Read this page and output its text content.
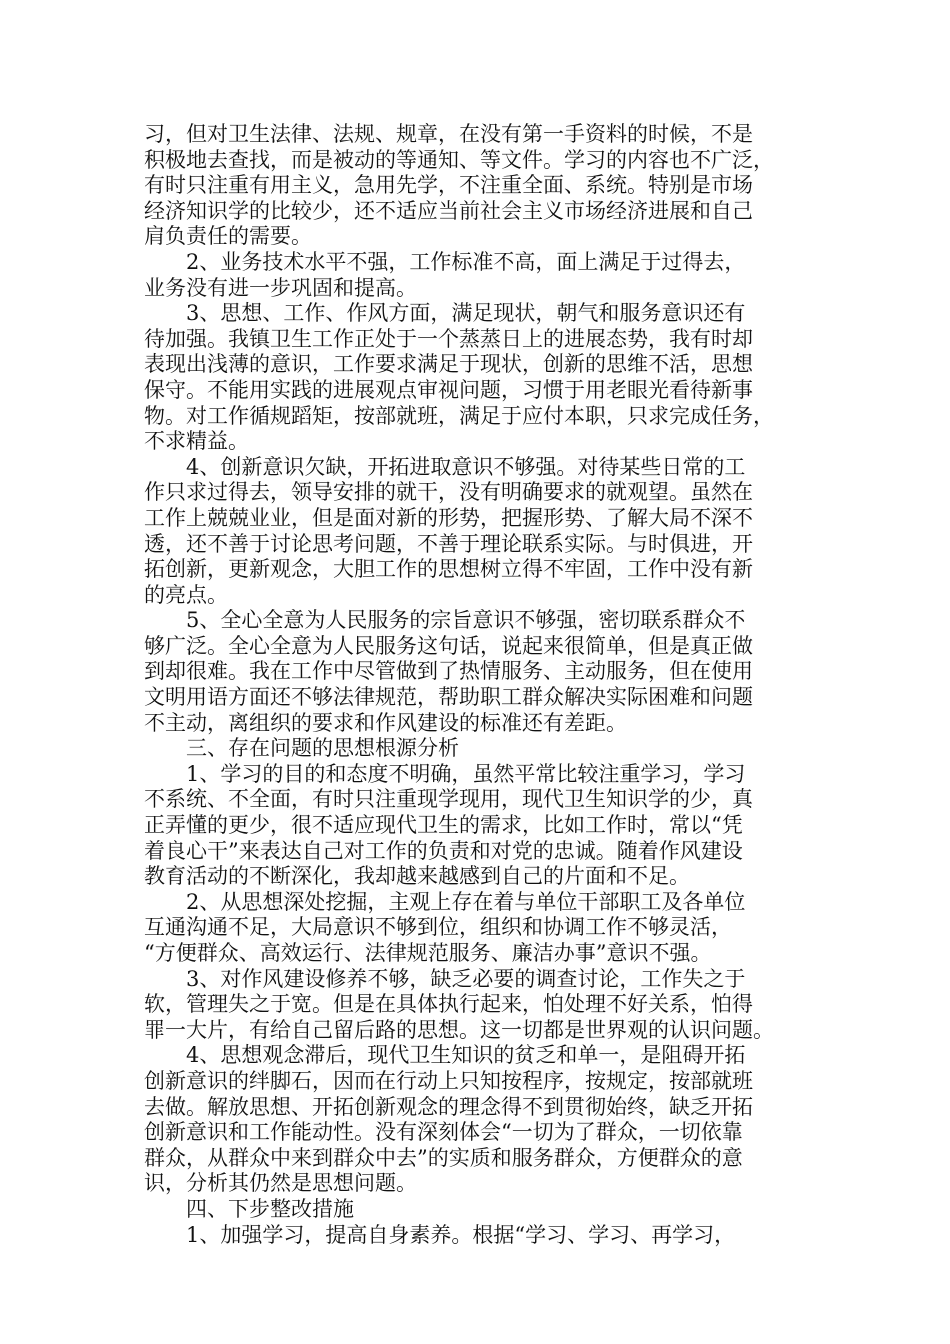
习，但对卫生法律、法规、规章，在没有第一手资料的时候，不是
积极地去查找，而是被动的等通知、等文件。学习的内容也不广泛，
有时只注重有用主义，急用先学，不注重全面、系统。特别是市场
经济知识学的比较少，还不适应当前社会主义市场经济进展和自己
肩负责任的需要。
2、业务技术水平不强，工作标准不高，面上满足于过得去，
业务没有进一步巩固和提高。
3、思想、工作、作风方面，满足现状，朝气和服务意识还有
待加强。我镇卫生工作正处于一个蒸蒸日上的进展态势，我有时却
表现出浅薄的意识，工作要求满足于现状，创新的思维不活，思想
保守。不能用实践的进展观点审视问题，习惯于用老眼光看待新事
物。对工作循规蹈矩，按部就班，满足于应付本职，只求完成任务，
不求精益。
4、创新意识欠缺，开拓进取意识不够强。对待某些日常的工
作只求过得去，领导安排的就干，没有明确要求的就观望。虽然在
工作上兢兢业业，但是面对新的形势，把握形势、了解大局不深不
透，还不善于讨论思考问题，不善于理论联系实际。与时俱进，开
拓创新，更新观念，大胆工作的思想树立得不牢固，工作中没有新
的亮点。
5、全心全意为人民服务的宗旨意识不够强，密切联系群众不
够广泛。全心全意为人民服务这句话，说起来很简单，但是真正做
到却很难。我在工作中尽管做到了热情服务、主动服务，但在使用
文明用语方面还不够法律规范，帮助职工群众解决实际困难和问题
不主动，离组织的要求和作风建设的标准还有差距。
三、存在问题的思想根源分析
1、学习的目的和态度不明确，虽然平常比较注重学习，学习
不系统、不全面，有时只注重现学现用，现代卫生知识学的少，真
正弄懂的更少，很不适应现代卫生的需求，比如工作时，常以“凭
着良心干”来表达自己对工作的负责和对党的忠诚。随着作风建设
教育活动的不断深化，我却越来越感到自己的片面和不足。
2、从思想深处挖掘，主观上存在着与单位干部职工及各单位
互通沟通不足，大局意识不够到位，组织和协调工作不够灵活，
“方便群众、高效运行、法律规范服务、廉洁办事”意识不强。
3、对作风建设修养不够，缺乏必要的调查讨论，工作失之于
软，管理失之于宽。但是在具体执行起来，怕处理不好关系，怕得
罪一大片，有给自己留后路的思想。这一切都是世界观的认识问题。
4、思想观念滞后，现代卫生知识的贫乏和单一，是阻碍开拓
创新意识的绊脚石，因而在行动上只知按程序，按规定，按部就班
去做。解放思想、开拓创新观念的理念得不到贯彻始终，缺乏开拓
创新意识和工作能动性。没有深刻体会“一切为了群众，一切依靠
群众，从群众中来到群众中去”的实质和服务群众，方便群众的意
识，分析其仍然是思想问题。
四、下步整改措施
1、加强学习，提高自身素养。根据“学习、学习、再学习，
